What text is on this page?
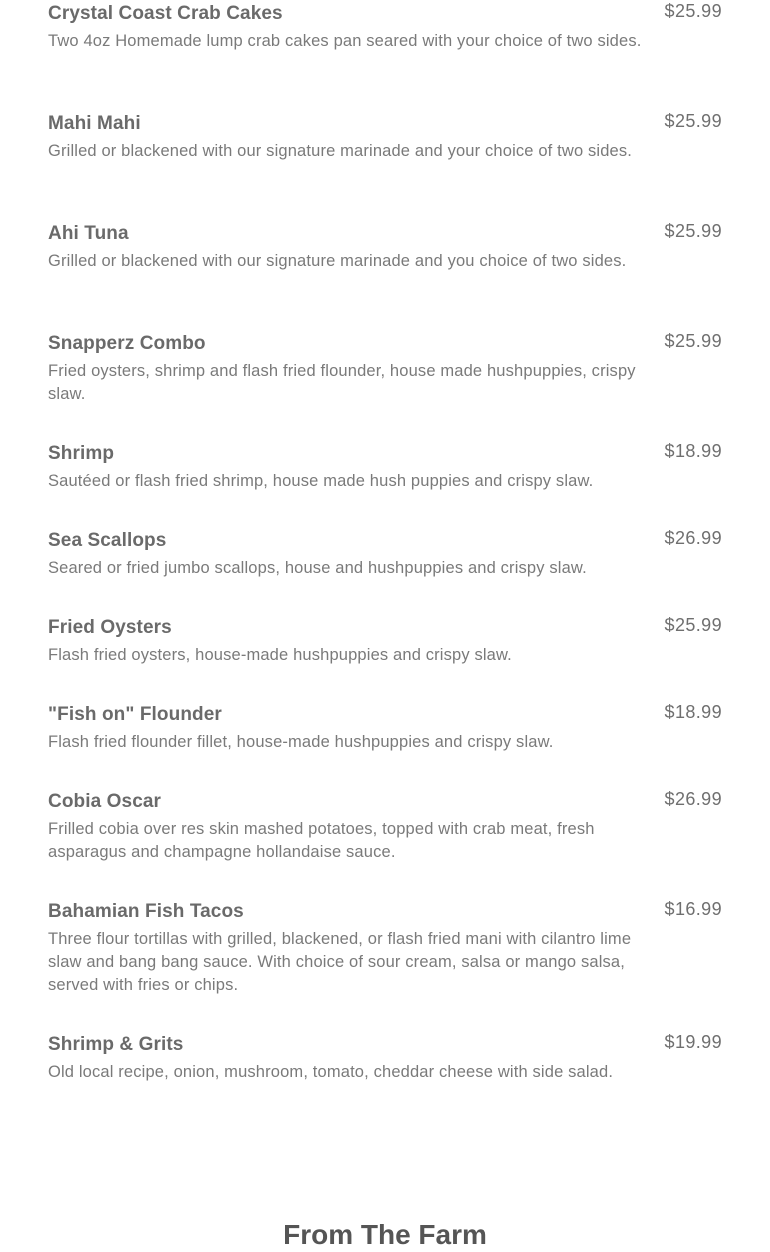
Crystal Coast Crab Cakes
Two 4oz Homemade lump crab cakes pan seared with your choice of two sides.
$25.99
Mahi Mahi
Grilled or blackened with our signature marinade and your choice of two sides.
$25.99
Ahi Tuna
Grilled or blackened with our signature marinade and you choice of two sides.
$25.99
Snapperz Combo
Fried oysters, shrimp and flash fried flounder, house made hushpuppies, crispy slaw.
$25.99
Shrimp
Sautéed or flash fried shrimp, house made hush puppies and crispy slaw.
$18.99
Sea Scallops
Seared or fried jumbo scallops, house and hushpuppies and crispy slaw.
$26.99
Fried Oysters
Flash fried oysters, house-made hushpuppies and crispy slaw.
$25.99
"Fish on" Flounder
Flash fried flounder fillet, house-made hushpuppies and crispy slaw.
$18.99
Cobia Oscar
Frilled cobia over res skin mashed potatoes, topped with crab meat, fresh asparagus and champagne hollandaise sauce.
$26.99
Bahamian Fish Tacos
Three flour tortillas with grilled, blackened, or flash fried mani with cilantro lime slaw and bang bang sauce. With choice of sour cream, salsa or mango salsa, served with fries or chips.
$16.99
Shrimp & Grits
Old local recipe, onion, mushroom, tomato, cheddar cheese with side salad.
$19.99
From The Farm
